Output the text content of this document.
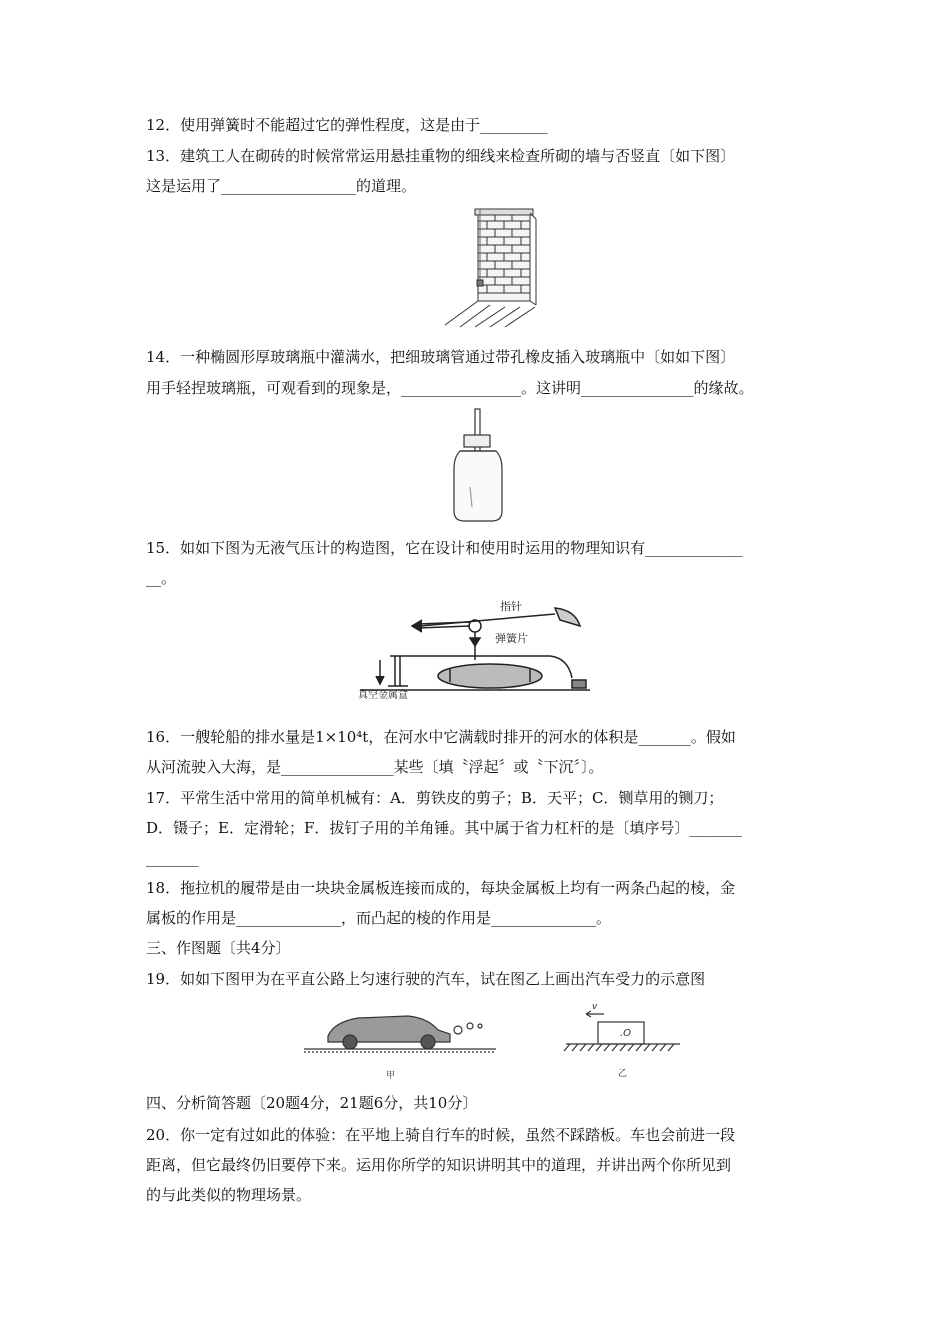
12．使用弹簧时不能超过它的弹性程度，这是由于_________
13．建筑工人在砌砖的时候常常运用悬挂重物的细线来检查所砌的墙与否竖直〔如下图〕
这是运用了__________________的道理。
14．一种椭圆形厚玻璃瓶中灌满水，把细玻璃管通过带孔橡皮插入玻璃瓶中〔如如下图〕
用手轻捏玻璃瓶，可观看到的现象是，________________。这讲明_______________的缘故。
15．如如下图为无液气压计的构造图，它在设计和使用时运用的物理知识有_____________
__。
指针
弹簧片
真空金属盒
16．一艘轮船的排水量是1×10⁴t，在河水中它满载时排开的河水的体积是_______。假如
从河流驶入大海，是_______________某些〔填〝浮起〞或〝下沉〞〕。
17．平常生活中常用的简单机械有：A．剪铁皮的剪子；B．天平；C．铡草用的铡刀；
D．镊子；E．定滑轮；F．拔钉子用的羊角锤。其中属于省力杠杆的是〔填序号〕_______
_______
18．拖拉机的履带是由一块块金属板连接而成的，每块金属板上均有一两条凸起的棱，金
属板的作用是______________，而凸起的棱的作用是______________。
三、作图题〔共4分〕
19．如如下图甲为在平直公路上匀速行驶的汽车，试在图乙上画出汽车受力的示意图
甲
v
.O
乙
四、分析简答题〔20题4分，21题6分，共10分〕
20．你一定有过如此的体验：在平地上骑自行车的时候，虽然不踩踏板。车也会前进一段
距离，但它最终仍旧要停下来。运用你所学的知识讲明其中的道理，并讲出两个你所见到
的与此类似的物理场景。
